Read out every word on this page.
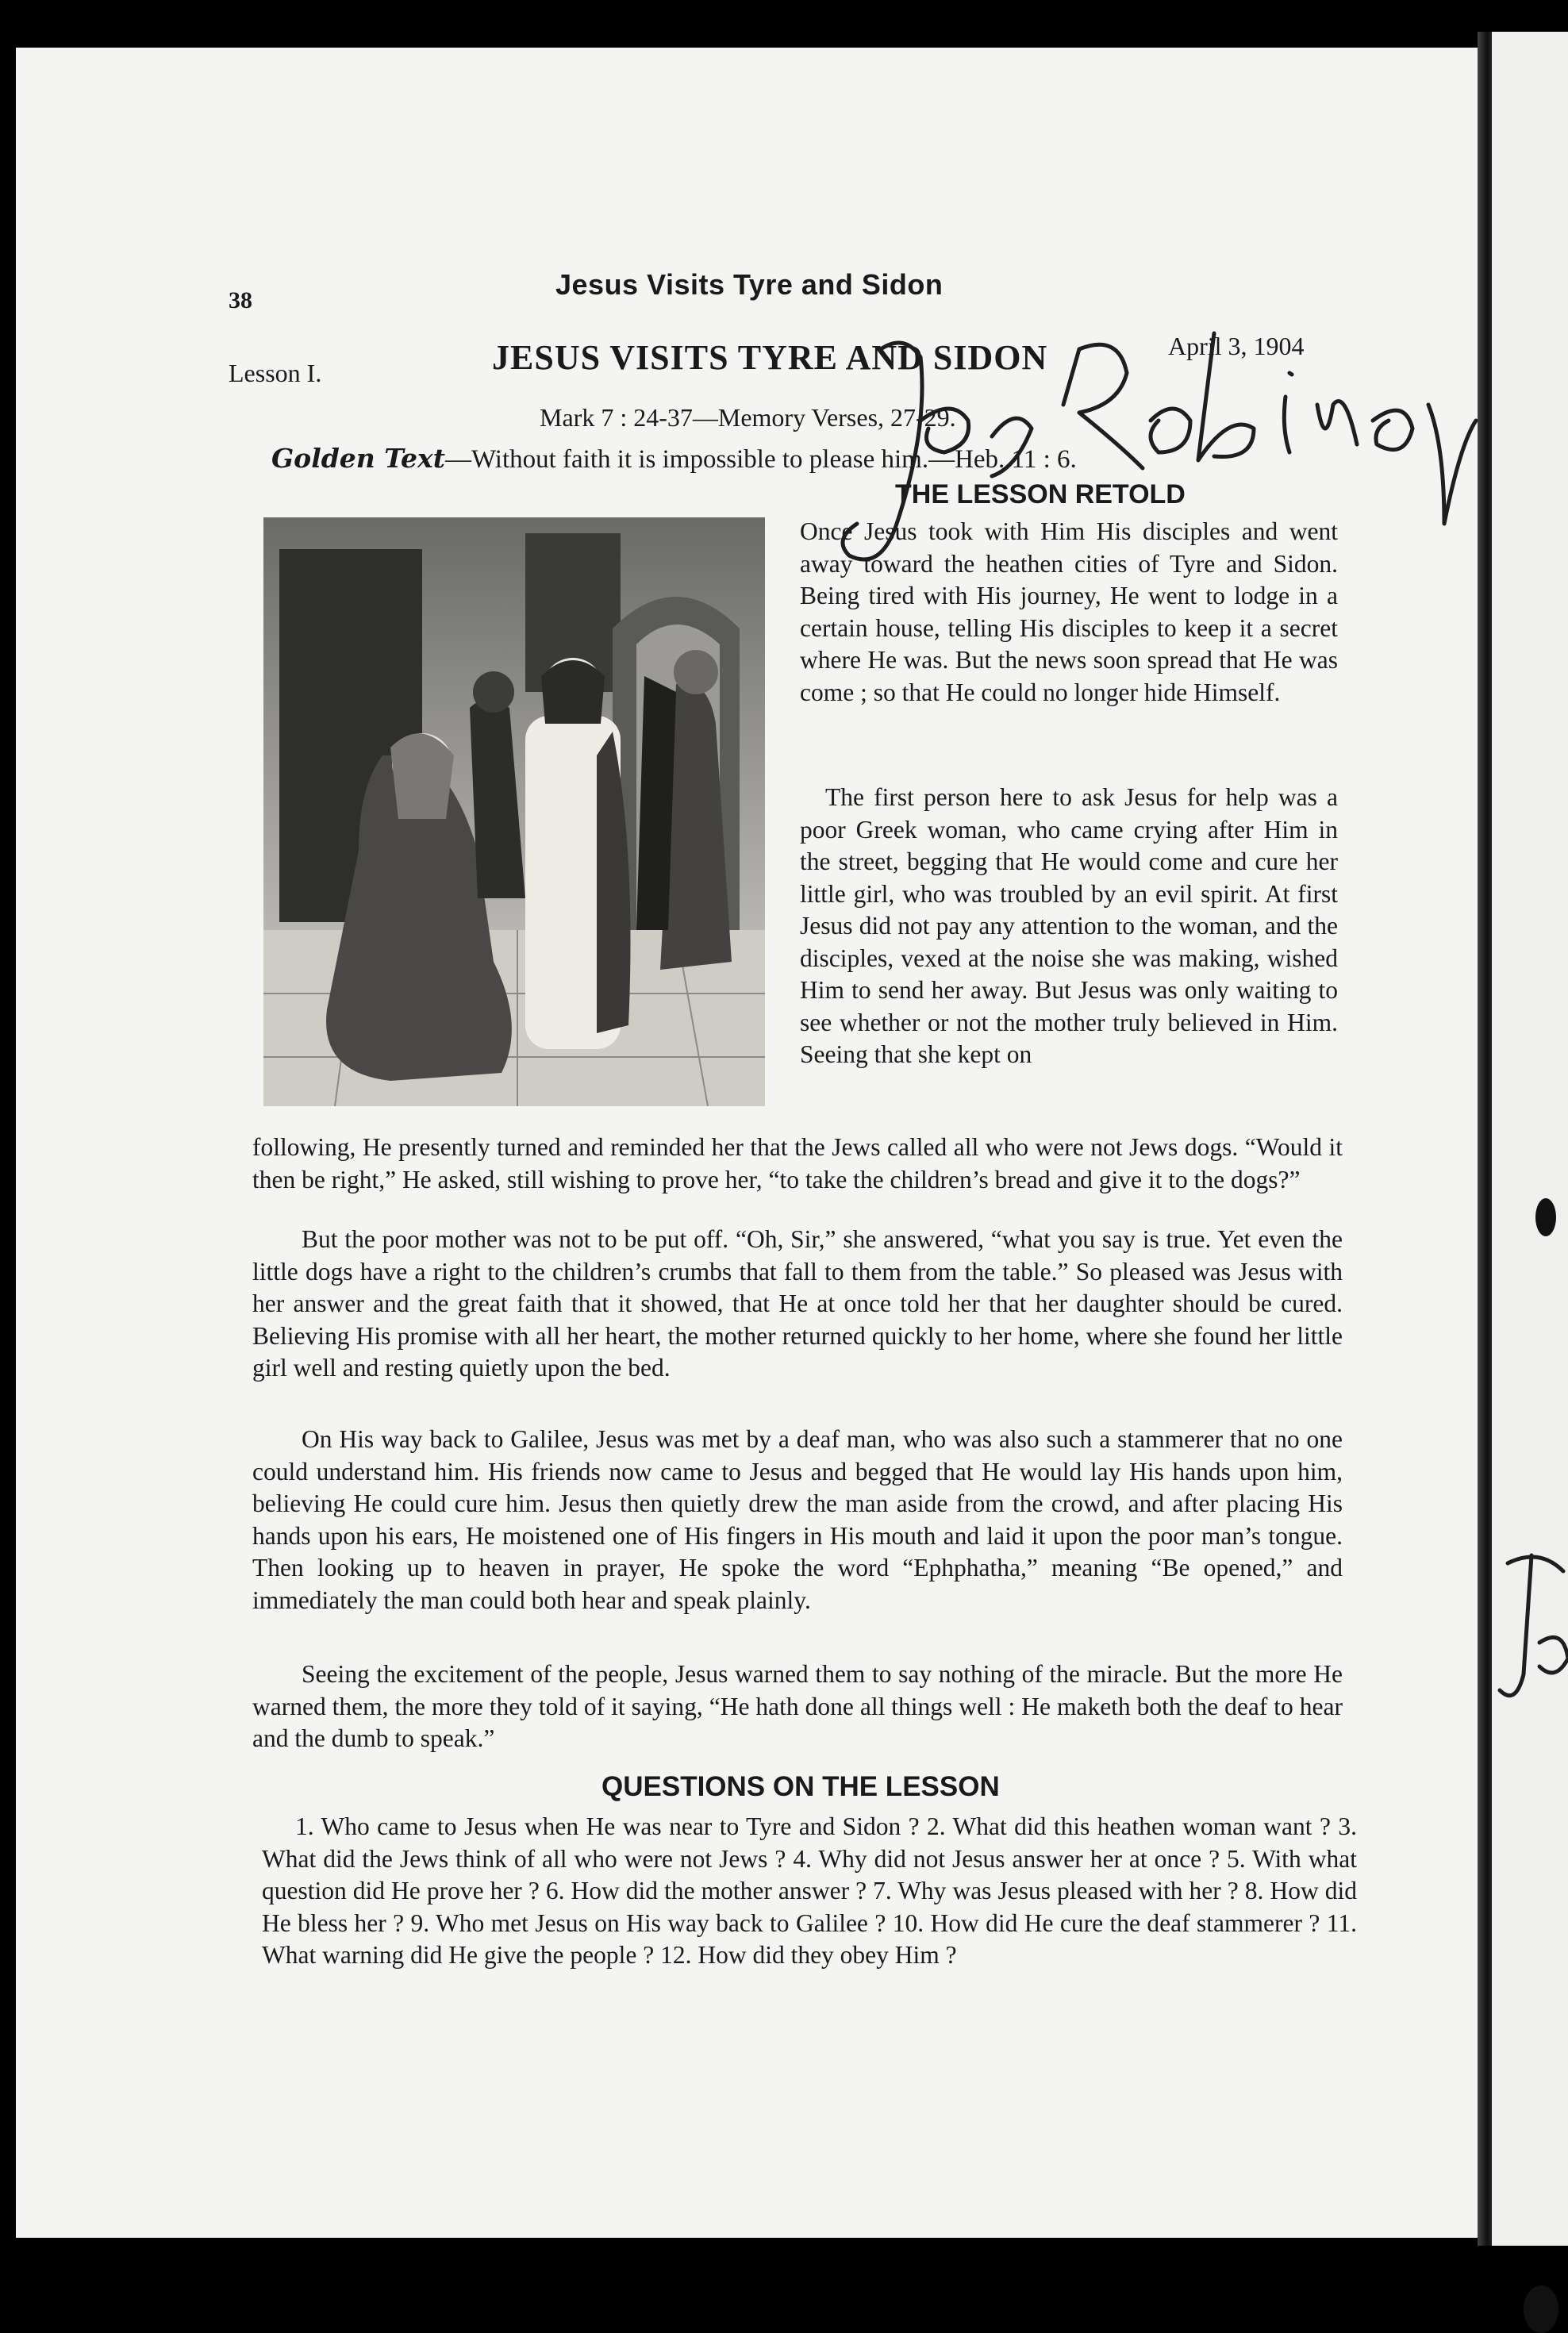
Jesus Visits Tyre and Sidon
38
Lesson I.	JESUS VISITS TYRE AND SIDON	April 3, 1904
Mark 7 : 24-37—Memory Verses, 27-29.
Golden Text—Without faith it is impossible to please him.—Heb. 11 : 6.
THE LESSON RETOLD

Once Jesus took with Him His disciples and went away toward the heathen cities of Tyre and Sidon. Being tired with His journey, He went to lodge in a certain house, telling His disciples to keep it a secret where He was. But the news soon spread that He was come ; so that He could no longer hide Himself.

The first person here to ask Jesus for help was a poor Greek woman, who came crying after Him in the street, begging that He would come and cure her little girl, who was troubled by an evil spirit. At first Jesus did not pay any attention to the woman, and the disciples, vexed at the noise she was making, wished Him to send her away. But Jesus was only waiting to see whether or not the mother truly believed in Him. Seeing that she kept on

following, He presently turned and reminded her that the Jews called all who were not Jews dogs. “Would it then be right,” He asked, still wishing to prove her, “to take the children’s bread and give it to the dogs?”

But the poor mother was not to be put off. “Oh, Sir,” she answered, “what you say is true. Yet even the little dogs have a right to the children’s crumbs that fall to them from the table.” So pleased was Jesus with her answer and the great faith that it showed, that He at once told her that her daughter should be cured. Believing His promise with all her heart, the mother returned quickly to her home, where she found her little girl well and resting quietly upon the bed.

On His way back to Galilee, Jesus was met by a deaf man, who was also such a stammerer that no one could understand him. His friends now came to Jesus and begged that He would lay His hands upon him, believing He could cure him. Jesus then quietly drew the man aside from the crowd, and after placing His hands upon his ears, He moistened one of His fingers in His mouth and laid it upon the poor man’s tongue. Then looking up to heaven in prayer, He spoke the word “Ephphatha,” meaning “Be opened,” and immediately the man could both hear and speak plainly.

Seeing the excitement of the people, Jesus warned them to say nothing of the miracle. But the more He warned them, the more they told of it saying, “He hath done all things well : He maketh both the deaf to hear and the dumb to speak.”

QUESTIONS ON THE LESSON

1. Who came to Jesus when He was near to Tyre and Sidon ? 2. What did this heathen woman want ? 3. What did the Jews think of all who were not Jews ? 4. Why did not Jesus answer her at once ? 5. With what question did He prove her ? 6. How did the mother answer ? 7. Why was Jesus pleased with her ? 8. How did He bless her ? 9. Who met Jesus on His way back to Galilee ? 10. How did He cure the deaf stammerer ? 11. What warning did He give the people ? 12. How did they obey Him ?
